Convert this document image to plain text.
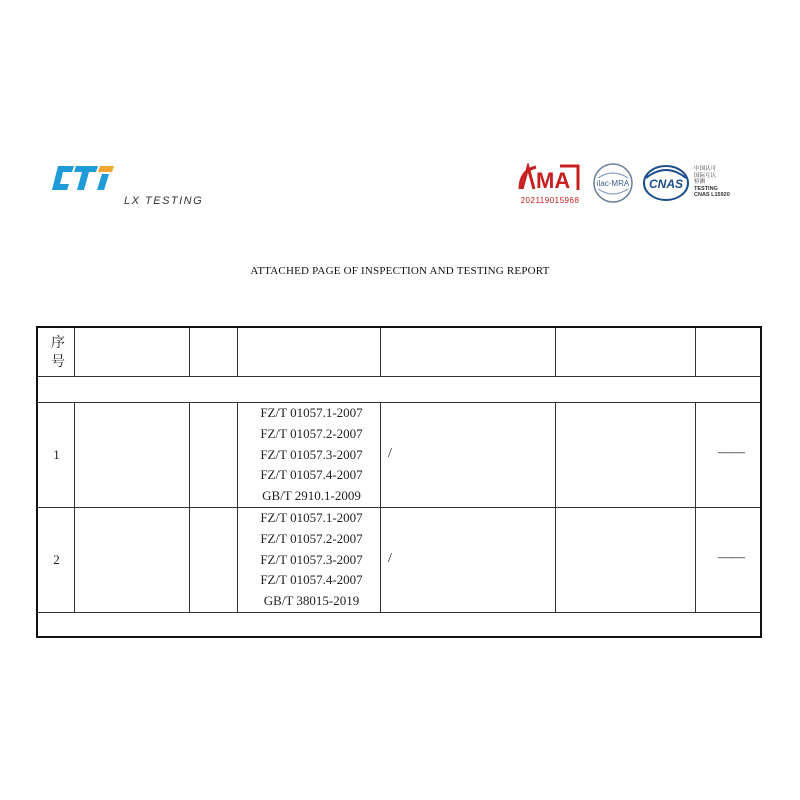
LX TESTING
MA
202119015968
ilac-MRA CNAS
中国认可
国际互认
检测
TESTING
CNAS L15920
ATTACHED PAGE OF INSPECTION AND TESTING REPORT
序
号
1
FZ/T 01057.1-2007
FZ/T 01057.2-2007
FZ/T 01057.3-2007
FZ/T 01057.4-2007
GB/T 2910.1-2009
/	——
2
FZ/T 01057.1-2007
FZ/T 01057.2-2007
FZ/T 01057.3-2007
FZ/T 01057.4-2007
GB/T 38015-2019
/	——
